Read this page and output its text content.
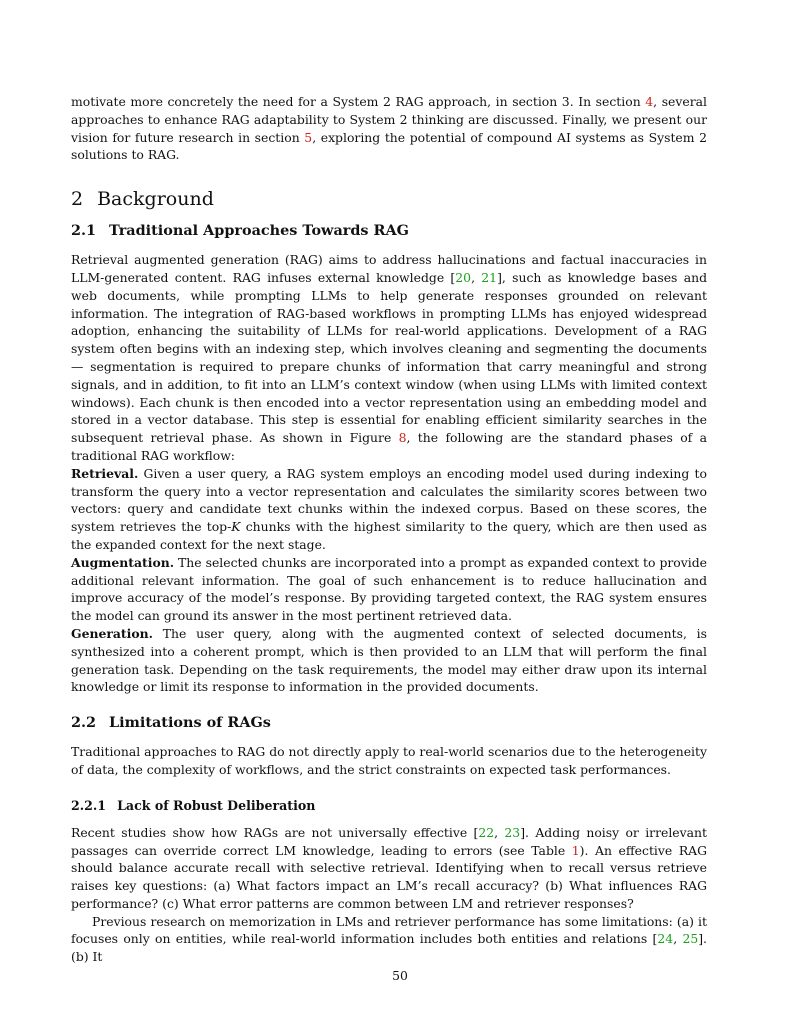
motivate more concretely the need for a System 2 RAG approach, in section 3. In section 4, several approaches to enhance RAG adaptability to System 2 thinking are discussed. Finally, we present our vision for future research in section 5, exploring the potential of compound AI systems as System 2 solutions to RAG.

2 Background
2.1 Traditional Approaches Towards RAG

Retrieval augmented generation (RAG) aims to address hallucinations and factual inaccuracies in LLM-generated content. RAG infuses external knowledge [20, 21], such as knowledge bases and web documents, while prompting LLMs to help generate responses grounded on relevant information. The integration of RAG-based workflows in prompting LLMs has enjoyed widespread adoption, enhancing the suitability of LLMs for real-world applications. Development of a RAG system often begins with an indexing step, which involves cleaning and segmenting the documents — segmentation is required to prepare chunks of information that carry meaningful and strong signals, and in addition, to fit into an LLM’s context window (when using LLMs with limited context windows). Each chunk is then encoded into a vector representation using an embedding model and stored in a vector database. This step is essential for enabling efficient similarity searches in the subsequent retrieval phase. As shown in Figure 8, the following are the standard phases of a traditional RAG workflow:

Retrieval. Given a user query, a RAG system employs an encoding model used during indexing to transform the query into a vector representation and calculates the similarity scores between two vectors: query and candidate text chunks within the indexed corpus. Based on these scores, the system retrieves the top-K chunks with the highest similarity to the query, which are then used as the expanded context for the next stage.

Augmentation. The selected chunks are incorporated into a prompt as expanded context to provide additional relevant information. The goal of such enhancement is to reduce hallucination and improve accuracy of the model’s response. By providing targeted context, the RAG system ensures the model can ground its answer in the most pertinent retrieved data.

Generation. The user query, along with the augmented context of selected documents, is synthesized into a coherent prompt, which is then provided to an LLM that will perform the final generation task. Depending on the task requirements, the model may either draw upon its internal knowledge or limit its response to information in the provided documents.

2.2 Limitations of RAGs

Traditional approaches to RAG do not directly apply to real-world scenarios due to the heterogeneity of data, the complexity of workflows, and the strict constraints on expected task performances.

2.2.1 Lack of Robust Deliberation

Recent studies show how RAGs are not universally effective [22, 23]. Adding noisy or irrelevant passages can override correct LM knowledge, leading to errors (see Table 1). An effective RAG should balance accurate recall with selective retrieval. Identifying when to recall versus retrieve raises key questions: (a) What factors impact an LM’s recall accuracy? (b) What influences RAG performance? (c) What error patterns are common between LM and retriever responses?

Previous research on memorization in LMs and retriever performance has some limitations: (a) it focuses only on entities, while real-world information includes both entities and relations [24, 25]. (b) It

50
